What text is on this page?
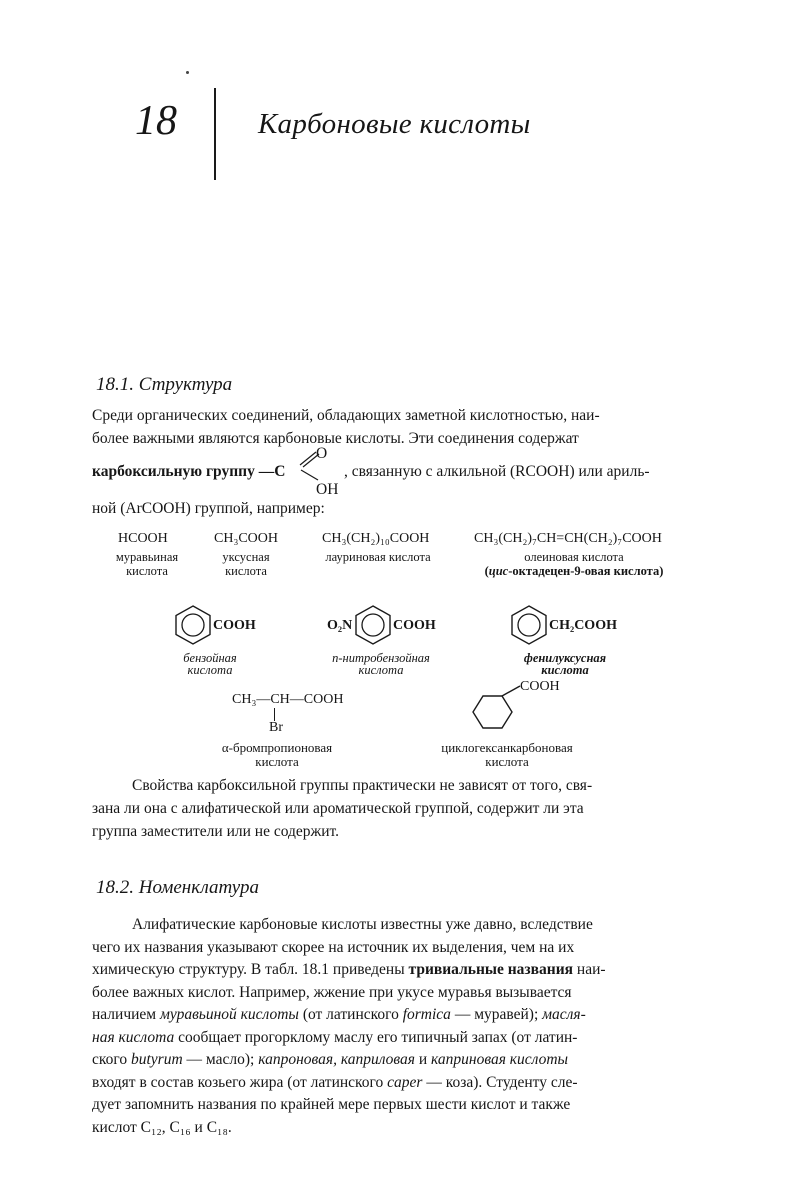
18	Карбоновые кислоты
18.1. Структура
Среди органических соединений, обладающих заметной кислотностью, наи-
более важными являются карбоновые кислоты. Эти соединения содержат
карбоксильную группу —С
O
OH
, связанную с алкильной (RCOOH) или ариль-
ной (ArCOOH) группой, например:
HCOOH
муравьиная
кислота
CH₃COOH
уксусная
кислота
CH₃(CH₂)₁₀COOH
лауриновая кислота
CH₃(CH₂)₇CH=CH(CH₂)₇COOH
олеиновая кислота
(цис-октадецен-9-овая кислота)
COOH
бензойная
кислота
O₂N	COOH
п-нитробензойная
кислота
CH₂COOH
фенилуксусная
кислота
CH₃—CH—COOH
Br
α-бромпропионовая
кислота
COOH
циклогексанкарбоновая
кислота
Свойства карбоксильной группы практически не зависят от того, свя-
зана ли она с алифатической или ароматической группой, содержит ли эта
группа заместители или не содержит.
18.2. Номенклатура
Алифатические карбоновые кислоты известны уже давно, вследствие
чего их названия указывают скорее на источник их выделения, чем на их
химическую структуру. В табл. 18.1 приведены тривиальные названия наи-
более важных кислот. Например, жжение при укусе муравья вызывается
наличием муравьиной кислоты (от латинского formica — муравей); масля-
ная кислота сообщает прогорклому маслу его типичный запах (от латин-
ского butyrum — масло); капроновая, каприловая и каприновая кислоты
входят в состав козьего жира (от латинского caper — коза). Студенту сле-
дует запомнить названия по крайней мере первых шести кислот и также
кислот C₁₂, C₁₆ и C₁₈.
